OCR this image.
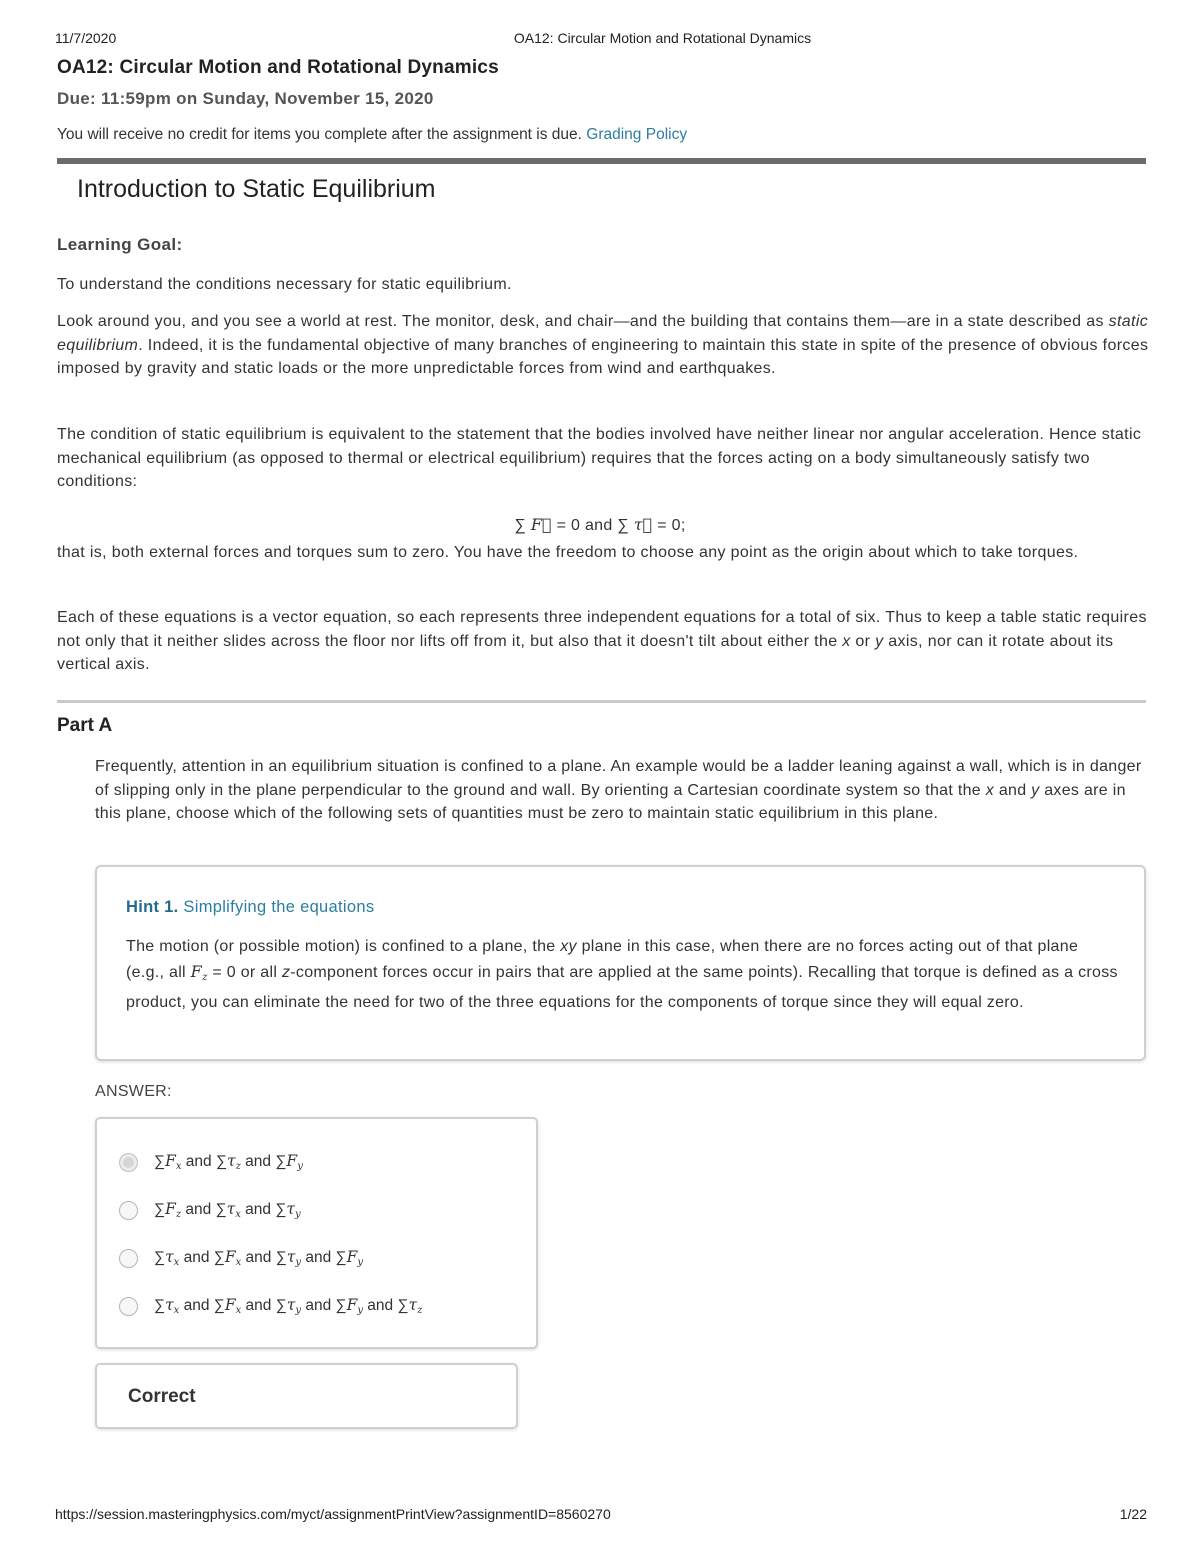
11/7/2020	OA12: Circular Motion and Rotational Dynamics
OA12: Circular Motion and Rotational Dynamics
Due: 11:59pm on Sunday, November 15, 2020
You will receive no credit for items you complete after the assignment is due. Grading Policy
Introduction to Static Equilibrium
Learning Goal:
To understand the conditions necessary for static equilibrium.
Look around you, and you see a world at rest. The monitor, desk, and chair—and the building that contains them—are in a state described as static equilibrium. Indeed, it is the fundamental objective of many branches of engineering to maintain this state in spite of the presence of obvious forces imposed by gravity and static loads or the more unpredictable forces from wind and earthquakes.
The condition of static equilibrium is equivalent to the statement that the bodies involved have neither linear nor angular acceleration. Hence static mechanical equilibrium (as opposed to thermal or electrical equilibrium) requires that the forces acting on a body simultaneously satisfy two conditions:
∑ F⃗ = 0 and ∑ τ⃗ = 0;
that is, both external forces and torques sum to zero. You have the freedom to choose any point as the origin about which to take torques.
Each of these equations is a vector equation, so each represents three independent equations for a total of six. Thus to keep a table static requires not only that it neither slides across the floor nor lifts off from it, but also that it doesn't tilt about either the x or y axis, nor can it rotate about its vertical axis.
Part A
Frequently, attention in an equilibrium situation is confined to a plane. An example would be a ladder leaning against a wall, which is in danger of slipping only in the plane perpendicular to the ground and wall. By orienting a Cartesian coordinate system so that the x and y axes are in this plane, choose which of the following sets of quantities must be zero to maintain static equilibrium in this plane.
Hint 1. Simplifying the equations
The motion (or possible motion) is confined to a plane, the xy plane in this case, when there are no forces acting out of that plane (e.g., all $F_z = 0$ or all z-component forces occur in pairs that are applied at the same points). Recalling that torque is defined as a cross product, you can eliminate the need for two of the three equations for the components of torque since they will equal zero.
ANSWER:
$\sum F_x$ and $\sum\tau_z$ and $\sum F_y$
$\sum F_z$ and $\sum\tau_x$ and $\sum\tau_y$
$\sum\tau_x$ and $\sum F_x$ and $\sum\tau_y$ and $\sum F_y$
$\sum\tau_x$ and $\sum F_x$ and $\sum\tau_y$ and $\sum F_y$ and $\sum\tau_z$
Correct
https://session.masteringphysics.com/myct/assignmentPrintView?assignmentID=8560270	1/22
